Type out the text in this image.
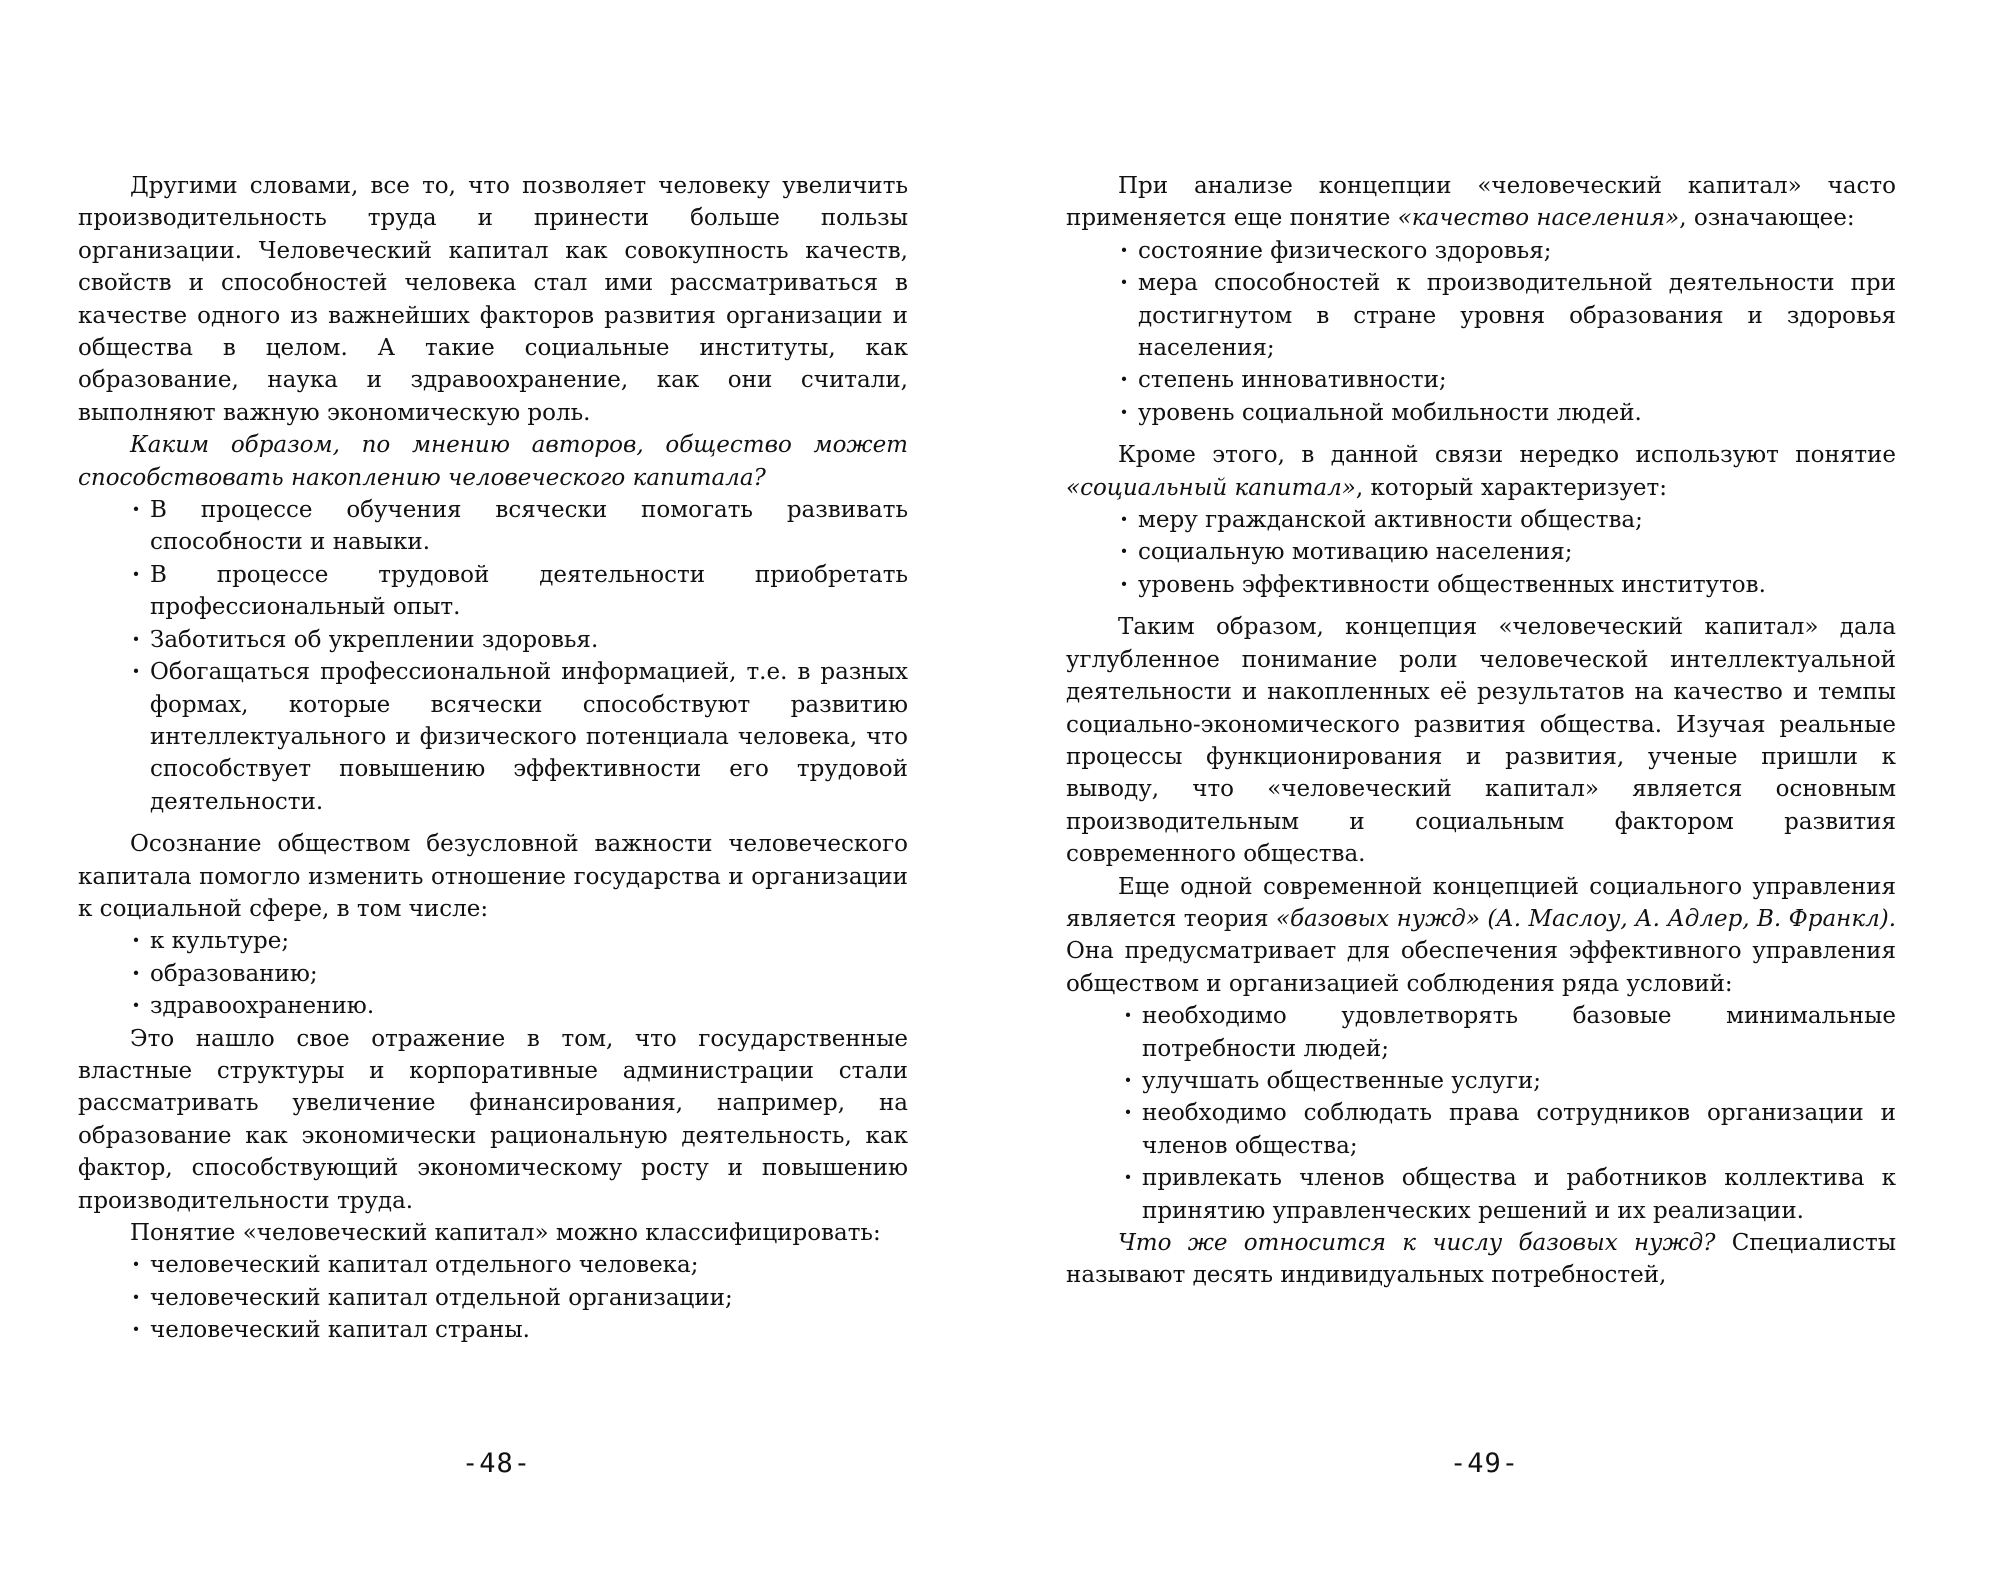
Другими словами, все то, что позволяет человеку увеличить производительность труда и принести больше пользы организации. Человеческий капитал как совокупность качеств, свойств и способностей человека стал ими рассматриваться в качестве одного из важнейших факторов развития организации и общества в целом. А такие социальные институты, как образование, наука и здравоохранение, как они считали, выполняют важную экономическую роль.

Каким образом, по мнению авторов, общество может способствовать накоплению человеческого капитала?

· В процессе обучения всячески помогать развивать способности и навыки.
· В процессе трудовой деятельности приобретать профессиональный опыт.
· Заботиться об укреплении здоровья.
· Обогащаться профессиональной информацией, т.е. в разных формах, которые всячески способствуют развитию интеллектуального и физического потенциала человека, что способствует повышению эффективности его трудовой деятельности.

Осознание обществом безусловной важности человеческого капитала помогло изменить отношение государства и организации к социальной сфере, в том числе:

· к культуре;
· образованию;
· здравоохранению.

Это нашло свое отражение в том, что государственные властные структуры и корпоративные администрации стали рассматривать увеличение финансирования, например, на образование как экономически рациональную деятельность, как фактор, способствующий экономическому росту и повышению производительности труда.

Понятие «человеческий капитал» можно классифицировать:

· человеческий капитал отдельного человека;
· человеческий капитал отдельной организации;
· человеческий капитал страны.
-48-

При анализе концепции «человеческий капитал» часто применяется еще понятие «качество населения», означающее:

· состояние физического здоровья;
· мера способностей к производительной деятельности при достигнутом в стране уровня образования и здоровья населения;
· степень инновативности;
· уровень социальной мобильности людей.

Кроме этого, в данной связи нередко используют понятие «социальный капитал», который характеризует:

· меру гражданской активности общества;
· социальную мотивацию населения;
· уровень эффективности общественных институтов.

Таким образом, концепция «человеческий капитал» дала углубленное понимание роли человеческой интеллектуальной деятельности и накопленных её результатов на качество и темпы социально-экономического развития общества. Изучая реальные процессы функционирования и развития, ученые пришли к выводу, что «человеческий капитал» является основным производительным и социальным фактором развития современного общества.

Еще одной современной концепцией социального управления является теория «базовых нужд» (А. Маслоу, А. Адлер, В. Франкл). Она предусматривает для обеспечения эффективного управления обществом и организацией соблюдения ряда условий:

· необходимо удовлетворять базовые минимальные потребности людей;
· улучшать общественные услуги;
· необходимо соблюдать права сотрудников организации и членов общества;
· привлекать членов общества и работников коллектива к принятию управленческих решений и их реализации.

Что же относится к числу базовых нужд? Специалисты называют десять индивидуальных потребностей,

-49-
